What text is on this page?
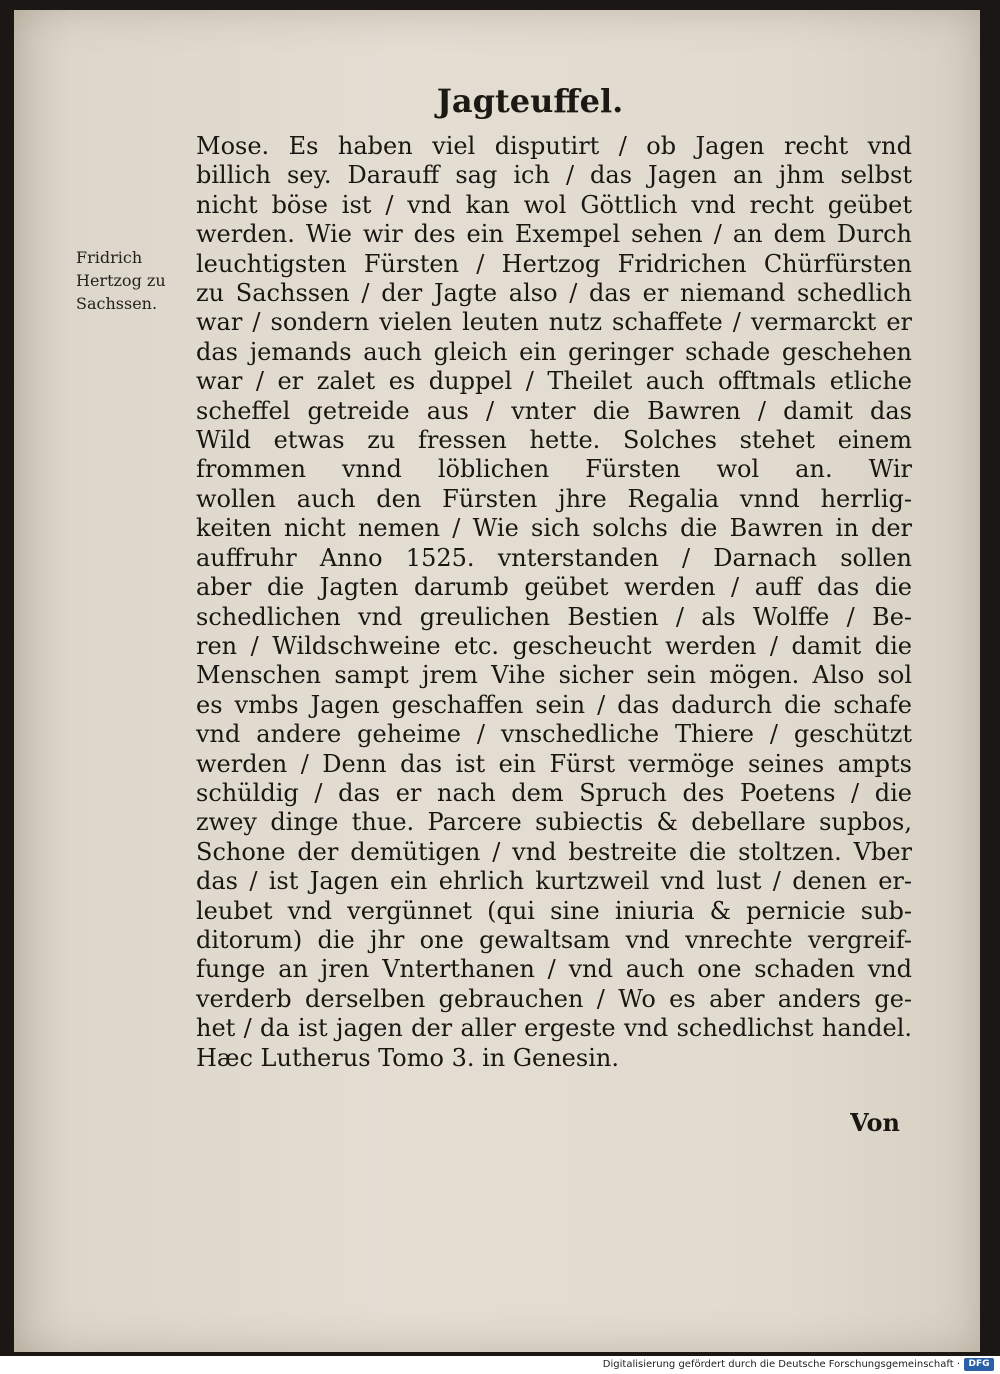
Jagteuffel.
Fridrich
Hertzog zu
Sachssen.
Mose. Es haben viel disputirt / ob Jagen recht vnd
billich sey. Darauff sag ich / das Jagen an jhm selbst
nicht böse ist / vnd kan wol Göttlich vnd recht geübet
werden. Wie wir des ein Exempel sehen / an dem Durch
leuchtigsten Fürsten / Hertzog Fridrichen Chürfürsten
zu Sachssen / der Jagte also / das er niemand schedlich
war / sondern vielen leuten nutz schaffete / vermarckt er
das jemands auch gleich ein geringer schade geschehen
war / er zalet es duppel / Theilet auch offtmals etliche
scheffel getreide aus / vnter die Bawren / damit das
Wild etwas zu fressen hette. Solches stehet einem
frommen vnnd löblichen Fürsten wol an. Wir
wollen auch den Fürsten jhre Regalia vnnd herrlig-
keiten nicht nemen / Wie sich solchs die Bawren in der
auffruhr Anno 1525. vnterstanden / Darnach sollen
aber die Jagten darumb geübet werden / auff das die
schedlichen vnd greulichen Bestien / als Wolffe / Be-
ren / Wildschweine etc. gescheucht werden / damit die
Menschen sampt jrem Vihe sicher sein mögen. Also sol
es vmbs Jagen geschaffen sein / das dadurch die schafe
vnd andere geheime / vnschedliche Thiere / geschützt
werden / Denn das ist ein Fürst vermöge seines ampts
schüldig / das er nach dem Spruch des Poetens / die
zwey dinge thue. Parcere subiectis & debellare supbos,
Schone der demütigen / vnd bestreite die stoltzen. Vber
das / ist Jagen ein ehrlich kurtzweil vnd lust / denen er-
leubet vnd vergünnet (qui sine iniuria & pernicie sub-
ditorum) die jhr one gewaltsam vnd vnrechte vergreif-
funge an jren Vnterthanen / vnd auch one schaden vnd
verderb derselben gebrauchen / Wo es aber anders ge-
het / da ist jagen der aller ergeste vnd schedlichst handel.
Hæc Lutherus Tomo 3. in Genesin.
Von
Digitalisierung gefördert durch die Deutsche Forschungsgemeinschaft · DFG
